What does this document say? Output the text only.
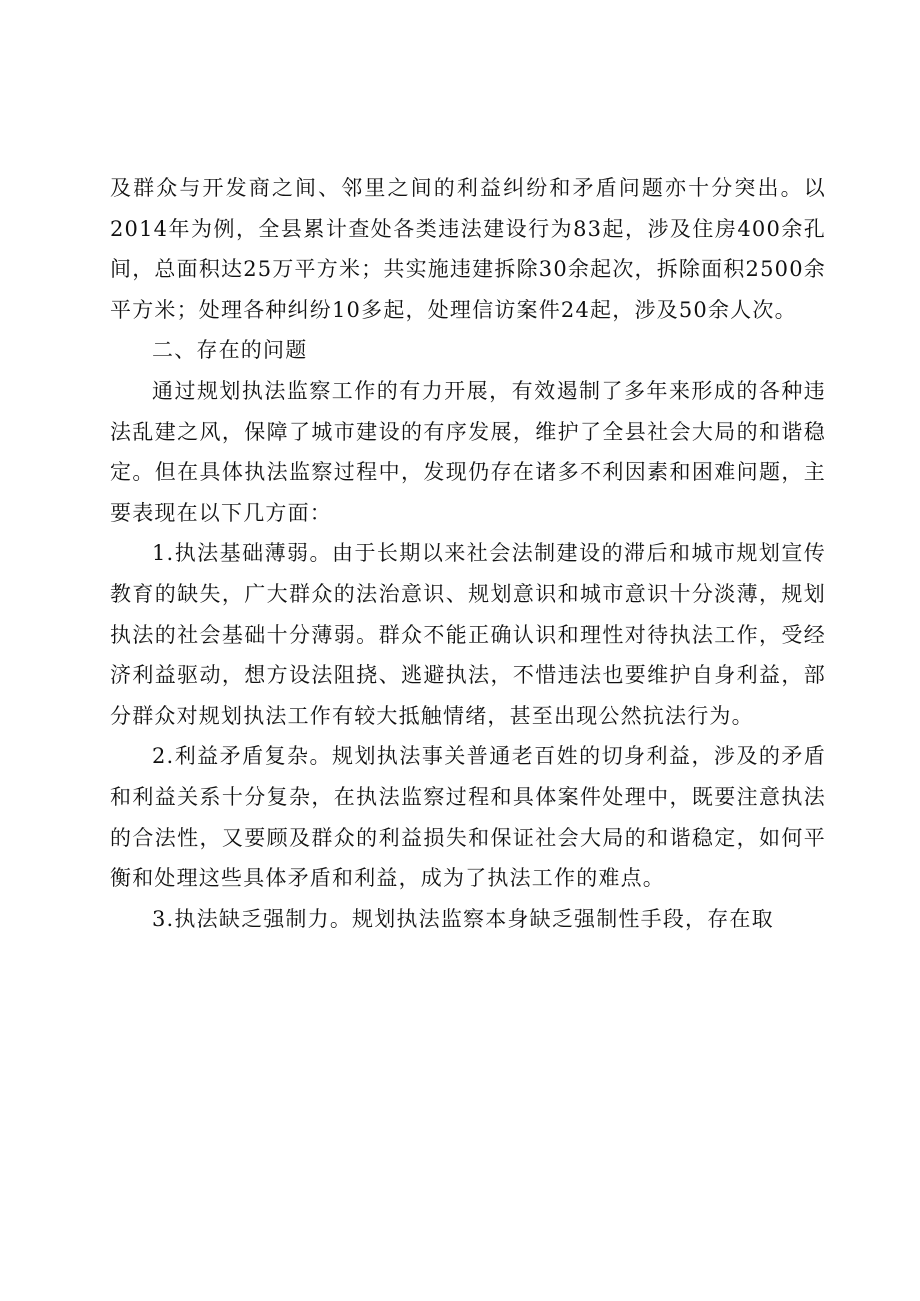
及群众与开发商之间、邻里之间的利益纠纷和矛盾问题亦十分突出。以2014年为例，全县累计查处各类违法建设行为83起，涉及住房400余孔间，总面积达25万平方米；共实施违建拆除30余起次，拆除面积2500余平方米；处理各种纠纷10多起，处理信访案件24起，涉及50余人次。

二、存在的问题

通过规划执法监察工作的有力开展，有效遏制了多年来形成的各种违法乱建之风，保障了城市建设的有序发展，维护了全县社会大局的和谐稳定。但在具体执法监察过程中，发现仍存在诸多不利因素和困难问题，主要表现在以下几方面：

1.执法基础薄弱。由于长期以来社会法制建设的滞后和城市规划宣传教育的缺失，广大群众的法治意识、规划意识和城市意识十分淡薄，规划执法的社会基础十分薄弱。群众不能正确认识和理性对待执法工作，受经济利益驱动，想方设法阻挠、逃避执法，不惜违法也要维护自身利益，部分群众对规划执法工作有较大抵触情绪，甚至出现公然抗法行为。

2.利益矛盾复杂。规划执法事关普通老百姓的切身利益，涉及的矛盾和利益关系十分复杂，在执法监察过程和具体案件处理中，既要注意执法的合法性，又要顾及群众的利益损失和保证社会大局的和谐稳定，如何平衡和处理这些具体矛盾和利益，成为了执法工作的难点。

3.执法缺乏强制力。规划执法监察本身缺乏强制性手段，存在取
